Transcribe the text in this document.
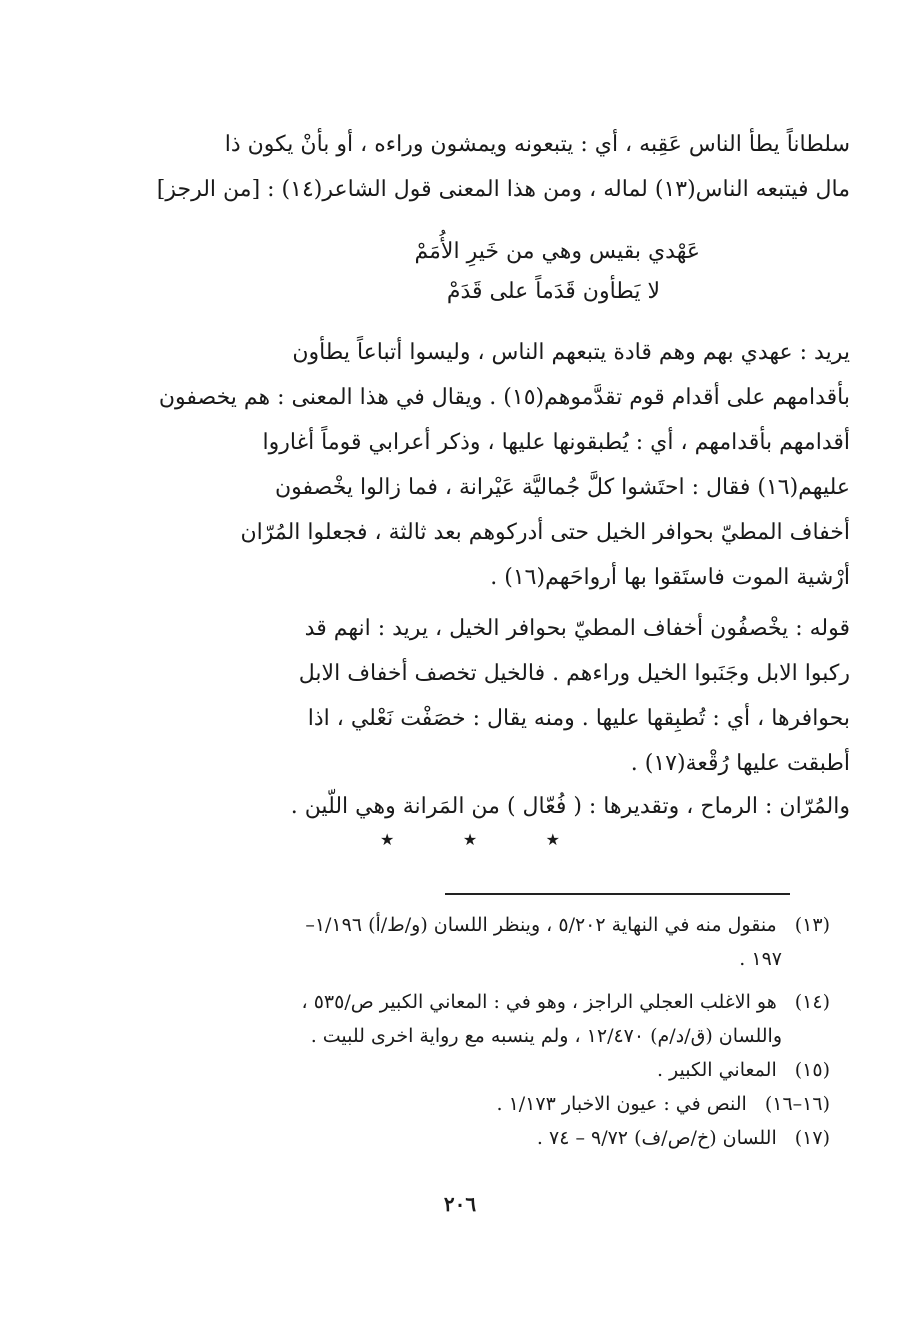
سلطاناً يطأ الناس عَقِبه ، أي : يتبعونه ويمشون وراءه ، أو بأنْ يكون ذا
مال فيتبعه الناس(١٣) لماله ، ومن هذا المعنى قول الشاعر(١٤) : [من الرجز]
عَهْدي بقيس وهي من خَيرِ الأُمَمْ
لا يَطأون قَدَماً على قَدَمْ
يريد : عهدي بهم وهم قادة يتبعهم الناس ، وليسوا أتباعاً يطأون
بأقدامهم على أقدام قوم تقدَّموهم(١٥) . ويقال في هذا المعنى : هم يخصفون
أقدامهم بأقدامهم ، أي : يُطبقونها عليها ، وذكر أعرابي قوماً أغاروا
عليهم(١٦) فقال : احتَشوا كلَّ جُماليَّة عَيْرانة ، فما زالوا يخْصفون
أخفاف المطيّ بحوافر الخيل حتى أدركوهم بعد ثالثة ، فجعلوا المُرّان
أرْشية الموت فاستَقوا بها أرواحَهم(١٦) .
قوله : يخْصفُون أخفاف المطيّ بحوافر الخيل ، يريد : انهم قد
ركبوا الابل وجَنَبوا الخيل وراءهم . فالخيل تخصف أخفاف الابل
بحوافرها ، أي : تُطبِقها عليها . ومنه يقال : خصَفْت نَعْلي ، اذا
أطبقت عليها رُقْعة(١٧) .
والمُرّان : الرماح ، وتقديرها : ( فُعّال ) من المَرانة وهي اللّين .
★
★
★
(١٣)منقول منه في النهاية ٥/٢٠٢ ، وينظر اللسان (و/ط/أ) ١/١٩٦–
١٩٧ .
(١٤)هو الاغلب العجلي الراجز ، وهو في : المعاني الكبير ص/٥٣٥ ،
واللسان (ق/د/م) ١٢/٤٧٠ ، ولم ينسبه مع رواية اخرى للبيت .
(١٥)المعاني الكبير .
(١٦–١٦)النص في : عيون الاخبار ١/١٧٣ .
(١٧)اللسان (خ/ص/ف) ٩/٧٢ – ٧٤ .
٢٠٦
